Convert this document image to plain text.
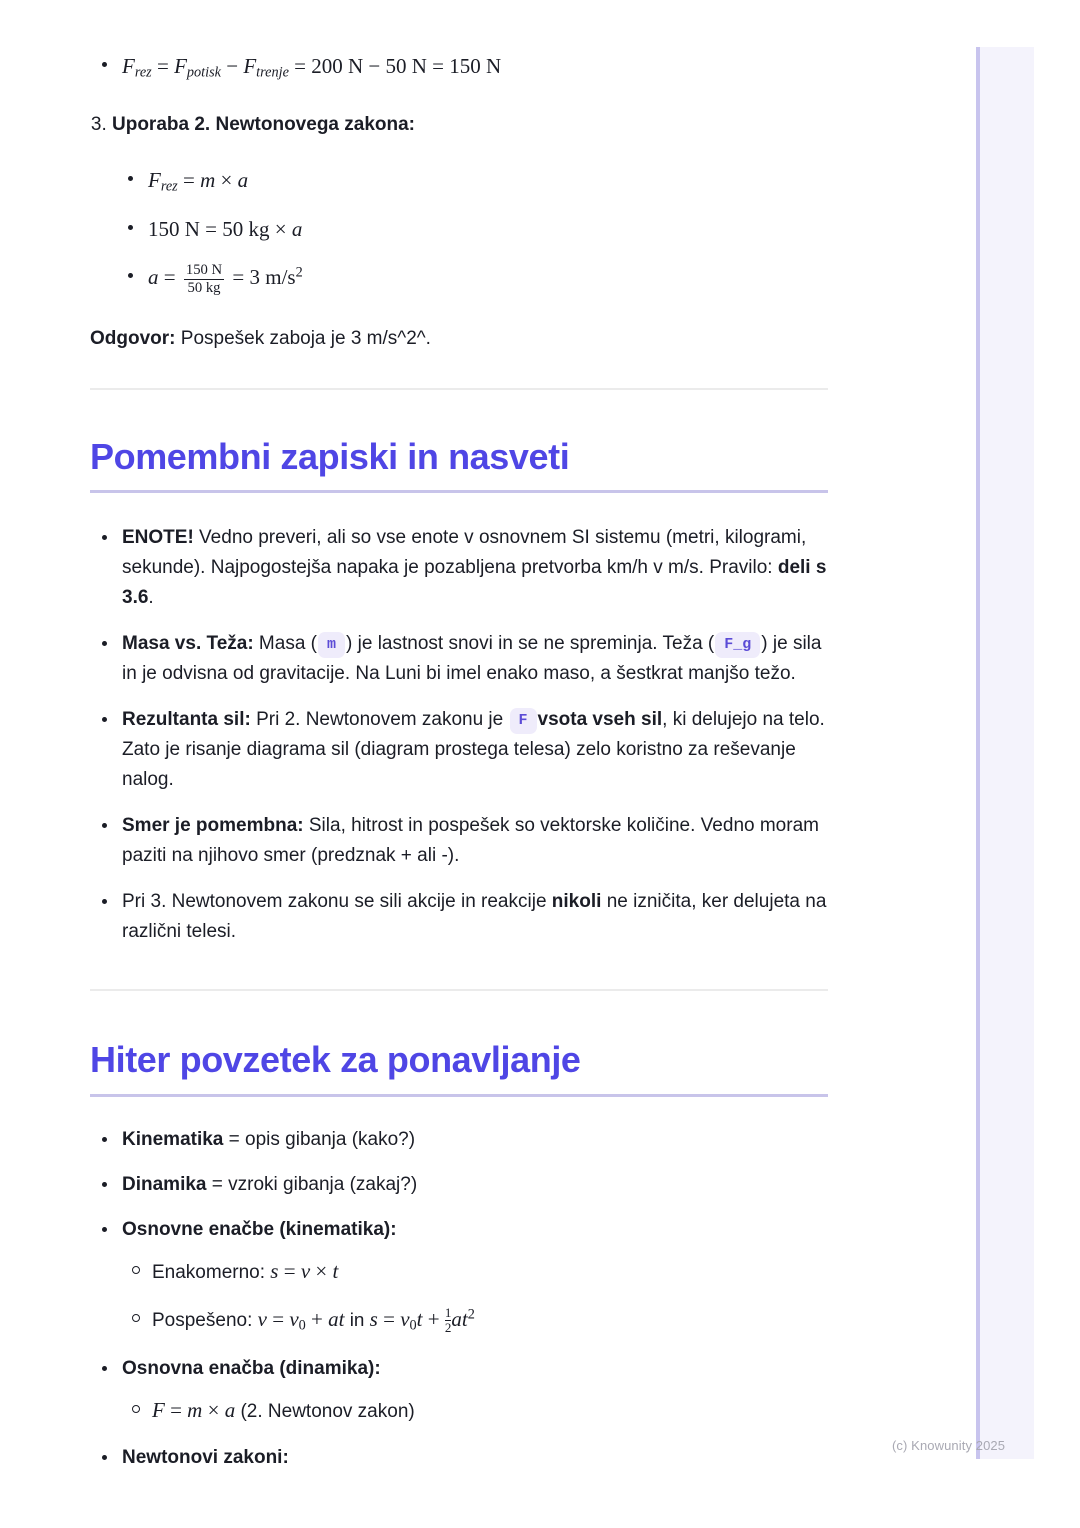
$F_{rez} = F_{potisk} - F_{trenje} = 200$ N − 50 N = 150 N
3. Uporaba 2. Newtonovega zakona:
$F_{rez} = m \times a$
150 N = 50 kg × a
$a = \frac{150 N}{50 kg} = 3$ $m/s^2$

Odgovor: Pospešek zaboja je 3 m/s^2^.

Pomembni zapiski in nasveti
ENOTE! Vedno preveri, ali so vse enote v osnovnem SI sistemu (metri, kilogrami, sekunde). Najpogostejša napaka je pozabljena pretvorba km/h v m/s. Pravilo: deli s 3.6.
Masa vs. Teža: Masa ( m ) je lastnost snovi in se ne spreminja. Teža ( F_g ) je sila in je odvisna od gravitacije. Na Luni bi imel enako maso, a šestkrat manjšo težo.
Rezultanta sil: Pri 2. Newtonovem zakonu je F vsota vseh sil, ki delujejo na telo. Zato je risanje diagrama sil (diagram prostega telesa) zelo koristno za reševanje nalog.
Smer je pomembna: Sila, hitrost in pospešek so vektorske količine. Vedno moram paziti na njihovo smer (predznak + ali -).
Pri 3. Newtonovem zakonu se sili akcije in reakcije nikoli ne izničita, ker delujeta na različni telesi.
Hiter povzetek za ponavljanje
Kinematika = opis gibanja (kako?)
Dinamika = vzroki gibanja (zakaj?)
Osnovne enačbe (kinematika):
Enakomerno: s = v × t
Pospešeno: v = v0 + at in $s = v0t + \frac{1}{2} at^2$
Osnovna enačba (dinamika):
F = m × a (2. Newtonov zakon)
Newtonovi zakoni:
(c) Knowunity 2025
